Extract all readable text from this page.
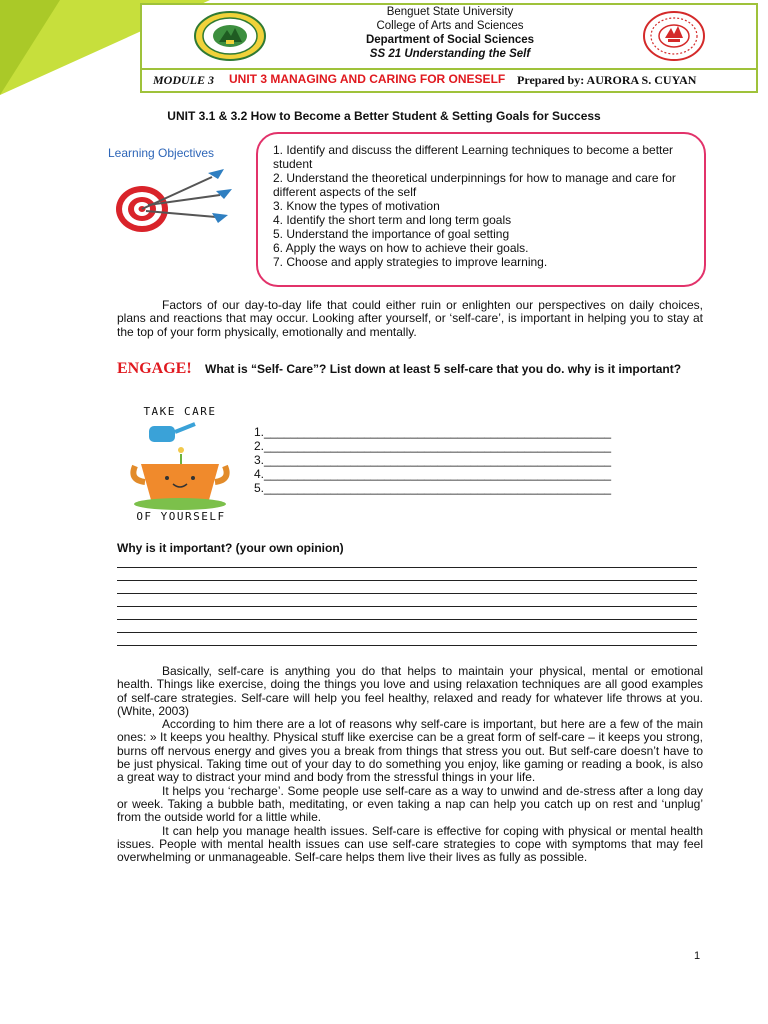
Benguet State University
College of Arts and Sciences
Department of Social Sciences
SS 21 Understanding the Self
MODULE 3 UNIT 3 MANAGING AND CARING FOR ONESELF Prepared by: AURORA S. CUYAN
UNIT 3.1 & 3.2 How to Become a Better Student & Setting Goals for Success
Learning Objectives	1. Identify and discuss the different Learning techniques to become a better student
2. Understand the theoretical underpinnings for how to manage and care for different aspects of the self
3. Know the types of motivation
4. Identify the short term and long term goals
5. Understand the importance of goal setting
6. Apply the ways on how to achieve their goals.
7. Choose and apply strategies to improve learning.
Factors of our day-to-day life that could either ruin or enlighten our perspectives on daily choices, plans and reactions that may occur. Looking after yourself, or ‘self-care’, is important in helping you to stay at the top of your form physically, emotionally and mentally.
ENGAGE! What is “Self- Care”? List down at least 5 self-care that you do. why is it important?
TAKE CARE
OF YOURSELF
1.____________________________________________________
2.____________________________________________________
3.____________________________________________________
4.____________________________________________________
5.____________________________________________________
Why is it important? (your own opinion)

Basically, self-care is anything you do that helps to maintain your physical, mental or emotional health. Things like exercise, doing the things you love and using relaxation techniques are all good examples of self-care strategies. Self-care will help you feel healthy, relaxed and ready for whatever life throws at you. (White, 2003)

According to him there are a lot of reasons why self-care is important, but here are a few of the main ones: » It keeps you healthy. Physical stuff like exercise can be a great form of self-care – it keeps you strong, burns off nervous energy and gives you a break from things that stress you out. But self-care doesn’t have to be just physical. Taking time out of your day to do something you enjoy, like gaming or reading a book, is also a great way to distract your mind and body from the stressful things in your life.

It helps you ‘recharge’. Some people use self-care as a way to unwind and de-stress after a long day or week. Taking a bubble bath, meditating, or even taking a nap can help you catch up on rest and ‘unplug’ from the outside world for a little while.

It can help you manage health issues. Self-care is effective for coping with physical or mental health issues. People with mental health issues can use self-care strategies to cope with symptoms that may feel overwhelming or unmanageable. Self-care helps them live their lives as fully as possible.

1
